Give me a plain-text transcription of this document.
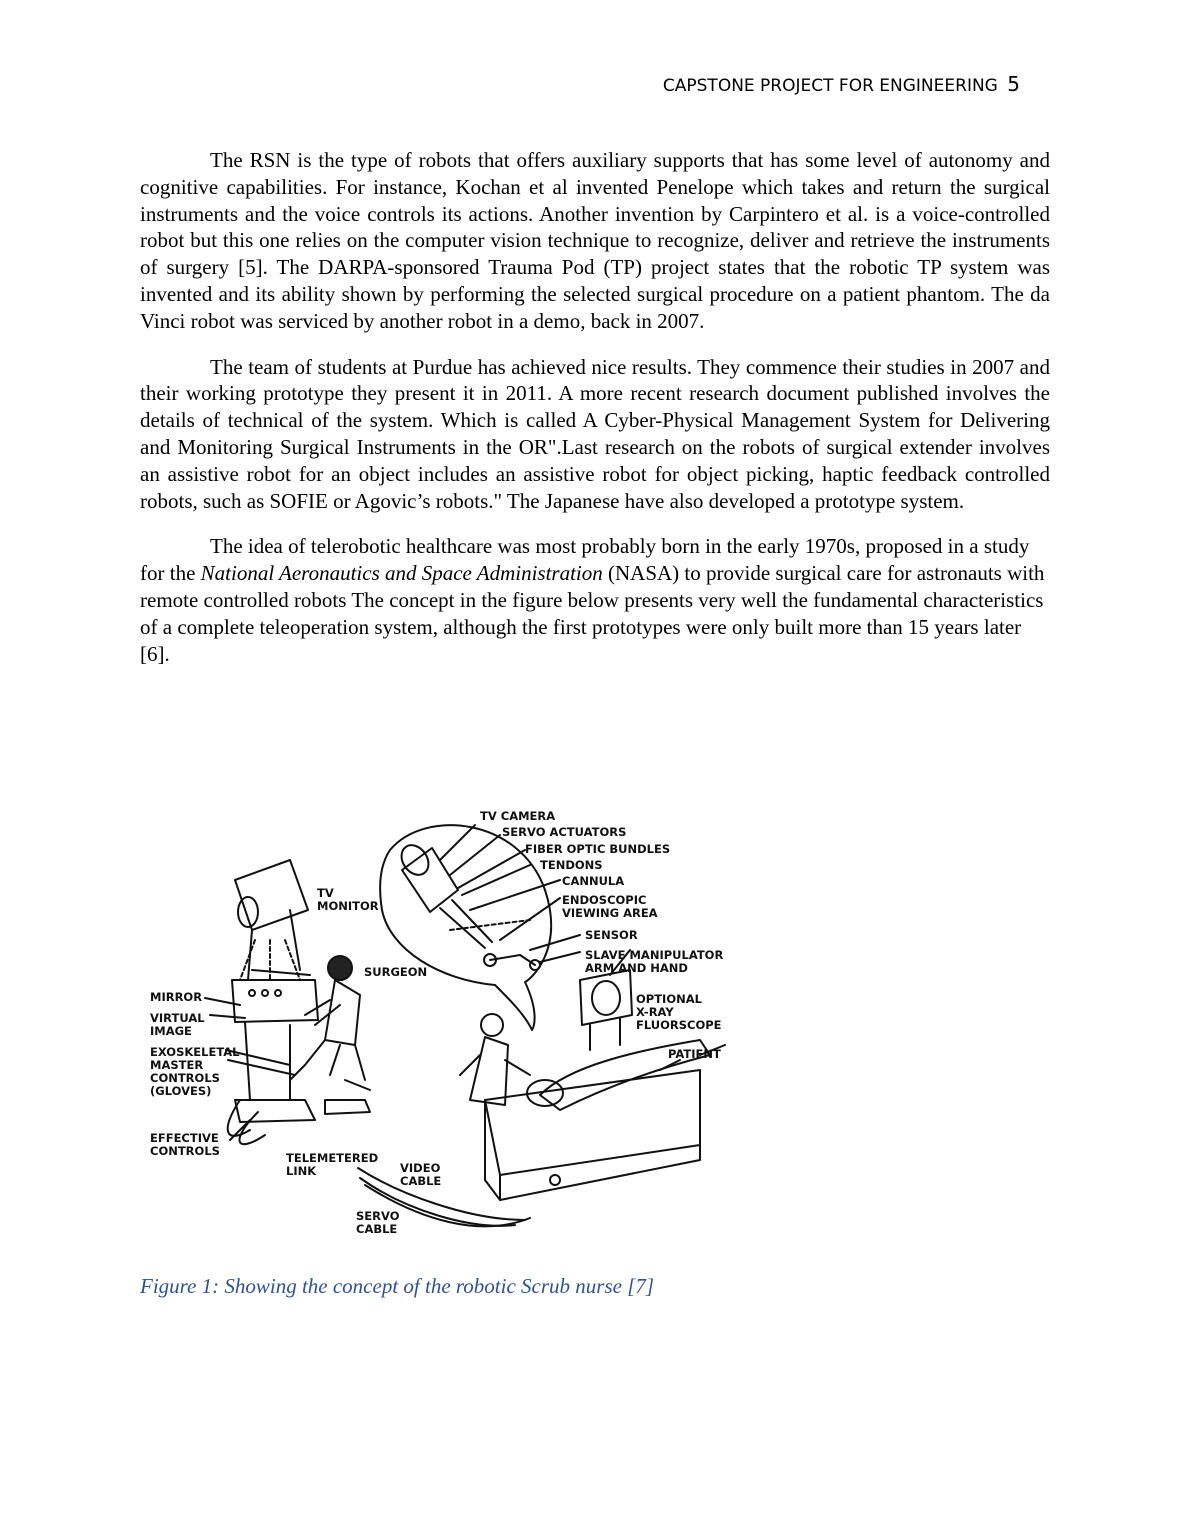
CAPSTONE PROJECT FOR ENGINEERING 5

The RSN is the type of robots that offers auxiliary supports that has some level of autonomy and cognitive capabilities. For instance, Kochan et al invented Penelope which takes and return the surgical instruments and the voice controls its actions. Another invention by Carpintero et al. is a voice-controlled robot but this one relies on the computer vision technique to recognize, deliver and retrieve the instruments of surgery [5]. The DARPA-sponsored Trauma Pod (TP) project states that the robotic TP system was invented and its ability shown by performing the selected surgical procedure on a patient phantom. The da Vinci robot was serviced by another robot in a demo, back in 2007.

The team of students at Purdue has achieved nice results. They commence their studies in 2007 and their working prototype they present it in 2011. A more recent research document published involves the details of technical of the system. Which is called A Cyber-Physical Management System for Delivering and Monitoring Surgical Instruments in the OR".Last research on the robots of surgical extender involves an assistive robot for an object includes an assistive robot for object picking, haptic feedback controlled robots, such as SOFIE or Agovic’s robots." The Japanese have also developed a prototype system.

The idea of telerobotic healthcare was most probably born in the early 1970s, proposed in a study for the National Aeronautics and Space Administration (NASA) to provide surgical care for astronauts with remote controlled robots The concept in the figure below presents very well the fundamental characteristics of a complete teleoperation system, although the first prototypes were only built more than 15 years later [6].

TV CAMERA
SERVO ACTUATORS
FIBER OPTIC BUNDLES
TENDONS
CANNULA
ENDOSCOPIC
VIEWING AREA
SENSOR
SLAVE MANIPULATOR
ARM AND HAND
TV
MONITOR
SURGEON
MIRROR
VIRTUAL
IMAGE
EXOSKELETAL
MASTER
CONTROLS
(GLOVES)
OPTIONAL
X-RAY
FLUORSCOPE
PATIENT
EFFECTIVE
CONTROLS	TELEMETERED
LINK	VIDEO
CABLE
SERVO
CABLE
Figure 1: Showing the concept of the robotic Scrub nurse [7]
